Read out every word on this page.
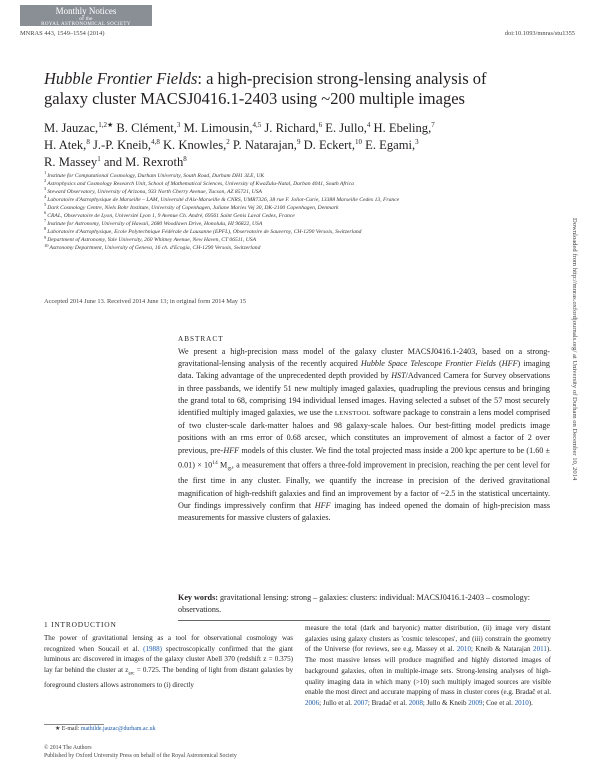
Monthly Notices
of the
ROYAL ASTRONOMICAL SOCIETY
MNRAS 443, 1549–1554 (2014)	doi:10.1093/mnras/stu1355
Hubble Frontier Fields: a high-precision strong-lensing analysis of galaxy cluster MACSJ0416.1-2403 using ~200 multiple images
M. Jauzac,$^{1,2★}$ B. Clément,$^3$ M. Limousin,$^{4,5}$ J. Richard,$^6$ E. Jullo,$^4$ H. Ebeling,$^7$
H. Atek,$^8$ J.-P. Kneib,$^{4,8}$ K. Knowles,$^2$ P. Natarajan,$^9$ D. Eckert,$^{10}$ E. Egami,$^3$
R. Massey$^1$ and M. Rexroth$^8$
$^1$Institute for Computational Cosmology, Durham University, South Road, Durham DH1 3LE, UK
$^2$Astrophysics and Cosmology Research Unit, School of Mathematical Sciences, University of KwaZulu-Natal, Durban 4041, South Africa
$^3$Steward Observatory, University of Arizona, 933 North Cherry Avenue, Tucson, AZ 85721, USA
$^4$Laboratoire d'Astrophysique de Marseille – LAM, Université d'Aix-Marseille & CNRS, UMR7326, 38 rue F. Joliot-Curie, 13388 Marseille Cedex 13, France
$^5$Dark Cosmology Centre, Niels Bohr Institute, University of Copenhagen, Juliane Maries Vej 30, DK-2100 Copenhagen, Denmark
$^6$CRAL, Observatoire de Lyon, Université Lyon 1, 9 Avenue Ch. André, 69561 Saint Genis Laval Cedex, France
$^7$Institute for Astronomy, University of Hawaii, 2680 Woodlawn Drive, Honolulu, HI 96822, USA
$^8$Laboratoire d'Astrophysique, Ecole Polytechnique Fédérale de Lausanne (EPFL), Observatoire de Sauverny, CH-1290 Versoix, Switzerland
$^9$Department of Astronomy, Yale University, 260 Whitney Avenue, New Haven, CT 06511, USA
$^{10}$Astronomy Department, University of Geneva, 16 ch. d'Ecogia, CH-1290 Versoix, Switzerland
Accepted 2014 June 13. Received 2014 June 13; in original form 2014 May 15
ABSTRACT
We present a high-precision mass model of the galaxy cluster MACSJ0416.1-2403, based on a strong-gravitational-lensing analysis of the recently acquired Hubble Space Telescope Frontier Fields (HFF) imaging data. Taking advantage of the unprecedented depth provided by HST/Advanced Camera for Survey observations in three passbands, we identify 51 new multiply imaged galaxies, quadrupling the previous census and bringing the grand total to 68, comprising 194 individual lensed images. Having selected a subset of the 57 most securely identified multiply imaged galaxies, we use the LENSTOOL software package to constrain a lens model comprised of two cluster-scale dark-matter haloes and 98 galaxy-scale haloes. Our best-fitting model predicts image positions with an rms error of 0.68 arcsec, which constitutes an improvement of almost a factor of 2 over previous, pre-HFF models of this cluster. We find the total projected mass inside a 200 kpc aperture to be $(1.60 \pm 0.01) \times 10^{14}$ $M_⊙$, a measurement that offers a three-fold improvement in precision, reaching the per cent level for the first time in any cluster. Finally, we quantify the increase in precision of the derived gravitational magnification of high-redshift galaxies and find an improvement by a factor of ~2.5 in the statistical uncertainty. Our findings impressively confirm that HFF imaging has indeed opened the domain of high-precision mass measurements for massive clusters of galaxies.
Key words: gravitational lensing: strong – galaxies: clusters: individual: MACSJ0416.1-2403 – cosmology: observations.
1 INTRODUCTION
The power of gravitational lensing as a tool for observational cosmology was recognized when Soucail et al. (1988) spectroscopically confirmed that the giant luminous arc discovered in images of the galaxy cluster Abell 370 (redshift z = 0.375) lay far behind the cluster at $z_{arc} = 0.725$. The bending of light from distant galaxies by foreground clusters allows astronomers to (i) directly
measure the total (dark and baryonic) matter distribution, (ii) image very distant galaxies using galaxy clusters as 'cosmic telescopes', and (iii) constrain the geometry of the Universe (for reviews, see e.g. Massey et al. 2010; Kneib & Natarajan 2011). The most massive lenses will produce magnified and highly distorted images of background galaxies, often in multiple-image sets. Strong-lensing analyses of high-quality imaging data in which many (>10) such multiply imaged sources are visible enable the most direct and accurate mapping of mass in cluster cores (e.g. Bradač et al. 2006; Jullo et al. 2007; Bradač et al. 2008; Jullo & Kneib 2009; Coe et al. 2010).
★ E-mail: mathilde.jauzac@durham.ac.uk
© 2014 The Authors
Published by Oxford University Press on behalf of the Royal Astronomical Society
Downloaded from http://mnras.oxfordjournals.org/ at University of Durham on December 10, 2014
